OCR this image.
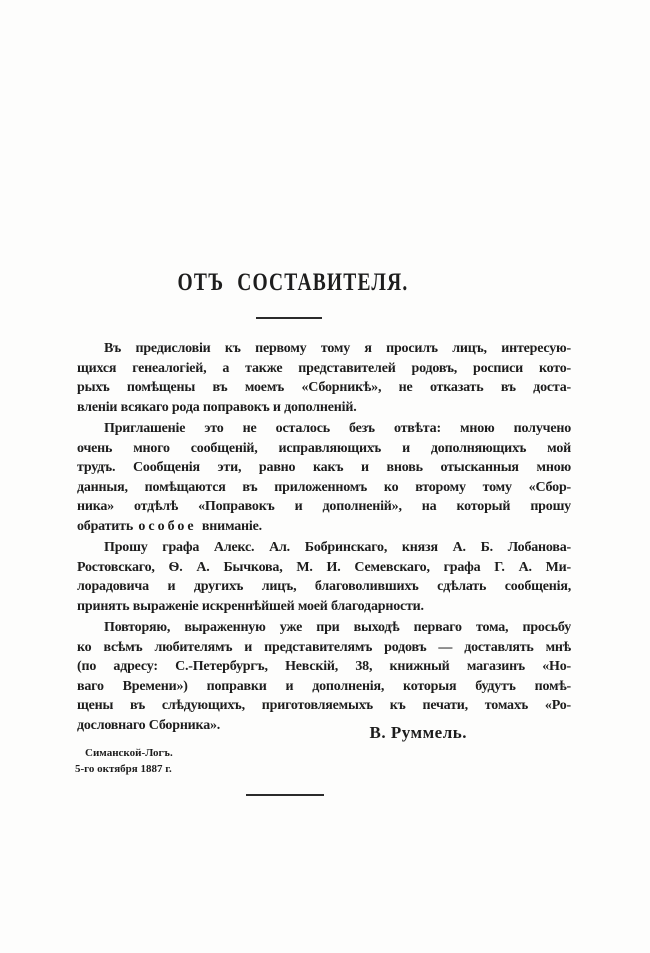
ОТЪ СОСТАВИТЕЛЯ.

Въ предисловіи къ первому тому я просилъ лицъ, интересую-
щихся генеалогіей, а также представителей родовъ, росписи кото-
рыхъ помѣщены въ моемъ «Сборникѣ», не отказать въ доста-
вленіи всякаго рода поправокъ и дополненій.

Приглашеніе это не осталось безъ отвѣта: мною получено
очень много сообщеній, исправляющихъ и дополняющихъ мой
трудъ. Сообщенія эти, равно какъ и вновь отысканныя мною
данныя, помѣщаются въ приложенномъ ко второму тому «Сбор-
ника» отдѣлѣ «Поправокъ и дополненій», на который прошу
обратить особое вниманіе.

Прошу графа Алекс. Ал. Бобринскаго, князя А. Б. Лобанова-
Ростовскаго, Ѳ. А. Бычкова, М. И. Семевскаго, графа Г. А. Ми-
лорадовича и другихъ лицъ, благоволившихъ сдѣлать сообщенія,
принять выраженіе искреннѣйшей моей благодарности.

Повторяю, выраженную уже при выходѣ перваго тома, просьбу
ко всѣмъ любителямъ и представителямъ родовъ — доставлять мнѣ
(по адресу: С.-Петербургъ, Невскій, 38, книжный магазинъ «Но-
ваго Времени») поправки и дополненія, которыя будутъ помѣ-
щены въ слѣдующихъ, приготовляемыхъ къ печати, томахъ «Ро-
дословнаго Сборника».	В. Руммель.
Симанской-Логъ.
5-го октября 1887 г.
